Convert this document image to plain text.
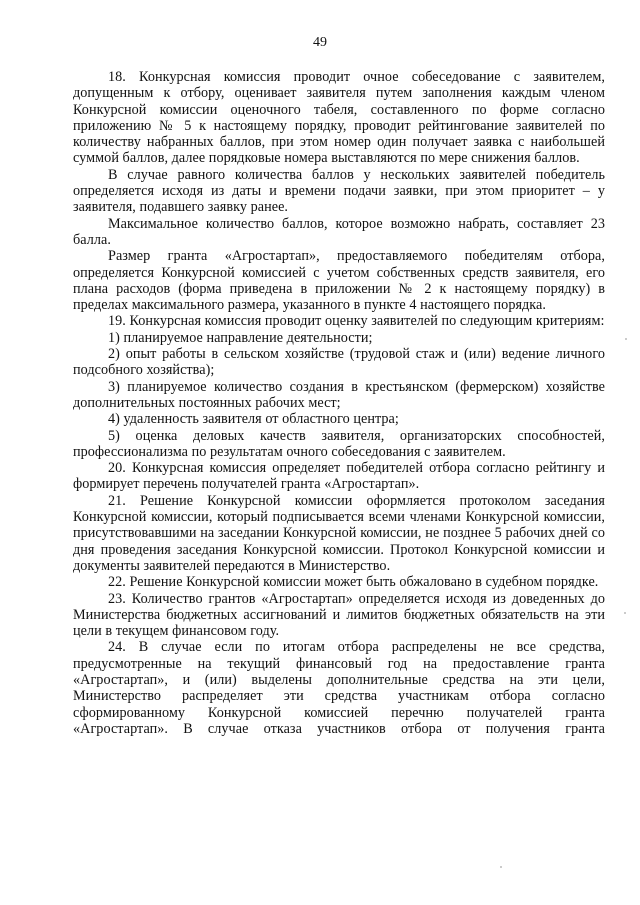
49

18. Конкурсная комиссия проводит очное собеседование с заявителем, допущенным к отбору, оценивает заявителя путем заполнения каждым членом Конкурсной комиссии оценочного табеля, составленного по форме согласно приложению № 5 к настоящему порядку, проводит рейтингование заявителей по количеству набранных баллов, при этом номер один получает заявка с наибольшей суммой баллов, далее порядковые номера выставляются по мере снижения баллов.

В случае равного количества баллов у нескольких заявителей победитель определяется исходя из даты и времени подачи заявки, при этом приоритет – у заявителя, подавшего заявку ранее.

Максимальное количество баллов, которое возможно набрать, составляет 23 балла.

Размер гранта «Агростартап», предоставляемого победителям отбора, определяется Конкурсной комиссией с учетом собственных средств заявителя, его плана расходов (форма приведена в приложении № 2 к настоящему порядку) в пределах максимального размера, указанного в пункте 4 настоящего порядка.

19. Конкурсная комиссия проводит оценку заявителей по следующим критериям:

1) планируемое направление деятельности;

2) опыт работы в сельском хозяйстве (трудовой стаж и (или) ведение личного подсобного хозяйства);

3) планируемое количество создания в крестьянском (фермерском) хозяйстве дополнительных постоянных рабочих мест;

4) удаленность заявителя от областного центра;

5) оценка деловых качеств заявителя, организаторских способностей, профессионализма по результатам очного собеседования с заявителем.

20. Конкурсная комиссия определяет победителей отбора согласно рейтингу и формирует перечень получателей гранта «Агростартап».

21. Решение Конкурсной комиссии оформляется протоколом заседания Конкурсной комиссии, который подписывается всеми членами Конкурсной комиссии, присутствовавшими на заседании Конкурсной комиссии, не позднее 5 рабочих дней со дня проведения заседания Конкурсной комиссии. Протокол Конкурсной комиссии и документы заявителей передаются в Министерство.

22. Решение Конкурсной комиссии может быть обжаловано в судебном порядке.

23. Количество грантов «Агростартап» определяется исходя из доведенных до Министерства бюджетных ассигнований и лимитов бюджетных обязательств на эти цели в текущем финансовом году.

24. В случае если по итогам отбора распределены не все средства, предусмотренные на текущий финансовый год на предоставление гранта «Агростартап», и (или) выделены дополнительные средства на эти цели, Министерство распределяет эти средства участникам отбора согласно сформированному Конкурсной комиссией перечню получателей гранта «Агростартап». В случае отказа участников отбора от получения гранта
